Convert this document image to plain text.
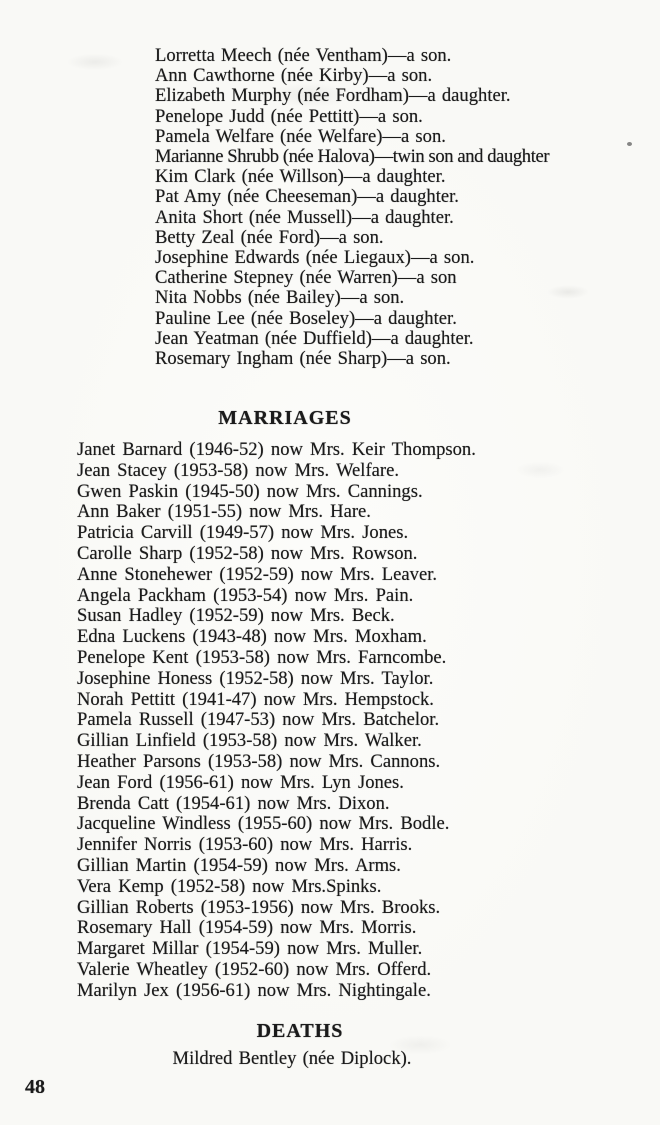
Lorretta Meech (née Ventham)—a son.
Ann Cawthorne (née Kirby)—a son.
Elizabeth Murphy (née Fordham)—a daughter.
Penelope Judd (née Pettitt)—a son.
Pamela Welfare (née Welfare)—a son.
Marianne Shrubb (née Halova)—twin son and daughter
Kim Clark (née Willson)—a daughter.
Pat Amy (née Cheeseman)—a daughter.
Anita Short (née Mussell)—a daughter.
Betty Zeal (née Ford)—a son.
Josephine Edwards (née Liegaux)—a son.
Catherine Stepney (née Warren)—a son
Nita Nobbs (née Bailey)—a son.
Pauline Lee (née Boseley)—a daughter.
Jean Yeatman (née Duffield)—a daughter.
Rosemary Ingham (née Sharp)—a son.
MARRIAGES
Janet Barnard (1946-52) now Mrs. Keir Thompson.
Jean Stacey (1953-58) now Mrs. Welfare.
Gwen Paskin (1945-50) now Mrs. Cannings.
Ann Baker (1951-55) now Mrs. Hare.
Patricia Carvill (1949-57) now Mrs. Jones.
Carolle Sharp (1952-58) now Mrs. Rowson.
Anne Stonehewer (1952-59) now Mrs. Leaver.
Angela Packham (1953-54) now Mrs. Pain.
Susan Hadley (1952-59) now Mrs. Beck.
Edna Luckens (1943-48) now Mrs. Moxham.
Penelope Kent (1953-58) now Mrs. Farncombe.
Josephine Honess (1952-58) now Mrs. Taylor.
Norah Pettitt (1941-47) now Mrs. Hempstock.
Pamela Russell (1947-53) now Mrs. Batchelor.
Gillian Linfield (1953-58) now Mrs. Walker.
Heather Parsons (1953-58) now Mrs. Cannons.
Jean Ford (1956-61) now Mrs. Lyn Jones.
Brenda Catt (1954-61) now Mrs. Dixon.
Jacqueline Windless (1955-60) now Mrs. Bodle.
Jennifer Norris (1953-60) now Mrs. Harris.
Gillian Martin (1954-59) now Mrs. Arms.
Vera Kemp (1952-58) now Mrs.Spinks.
Gillian Roberts (1953-1956) now Mrs. Brooks.
Rosemary Hall (1954-59) now Mrs. Morris.
Margaret Millar (1954-59) now Mrs. Muller.
Valerie Wheatley (1952-60) now Mrs. Offerd.
Marilyn Jex (1956-61) now Mrs. Nightingale.
DEATHS
Mildred Bentley (née Diplock).
48
